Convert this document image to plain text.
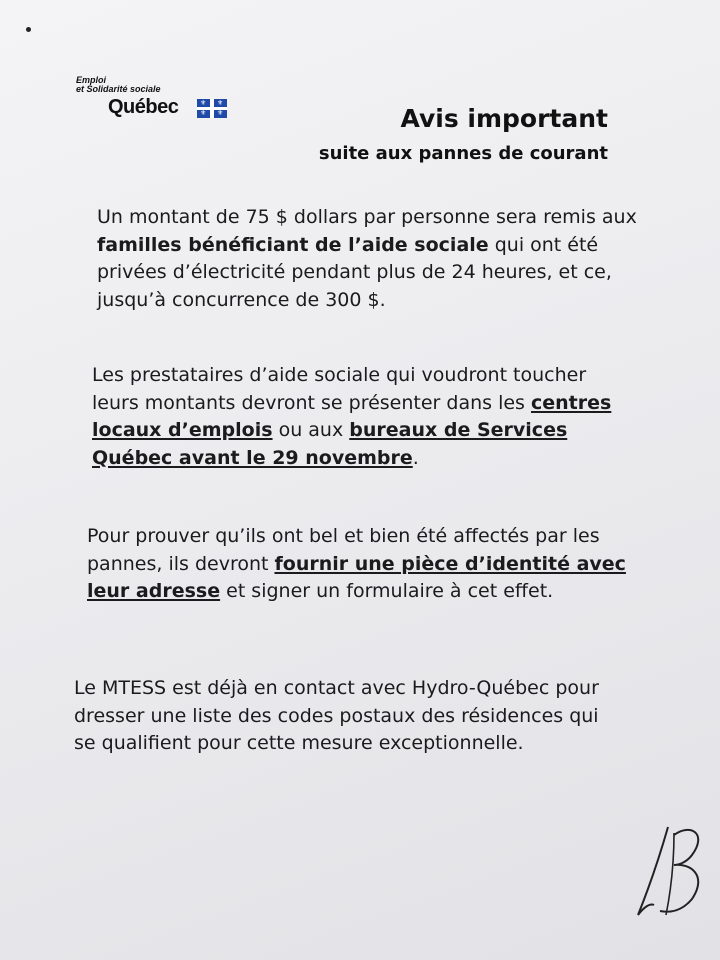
Emploi
et Solidarité sociale
Québec	⚜ ⚜
⚜ ⚜	Avis important
suite aux pannes de courant
Un montant de 75 $ dollars par personne sera remis aux familles bénéficiant de l’aide sociale qui ont été privées d’électricité pendant plus de 24 heures, et ce, jusqu’à concurrence de 300 $.
Les prestataires d’aide sociale qui voudront toucher leurs montants devront se présenter dans les centres locaux d’emplois ou aux bureaux de Services Québec avant le 29 novembre.
Pour prouver qu’ils ont bel et bien été affectés par les pannes, ils devront fournir une pièce d’identité avec leur adresse et signer un formulaire à cet effet.
Le MTESS est déjà en contact avec Hydro-Québec pour dresser une liste des codes postaux des résidences qui se qualifient pour cette mesure exceptionnelle.
